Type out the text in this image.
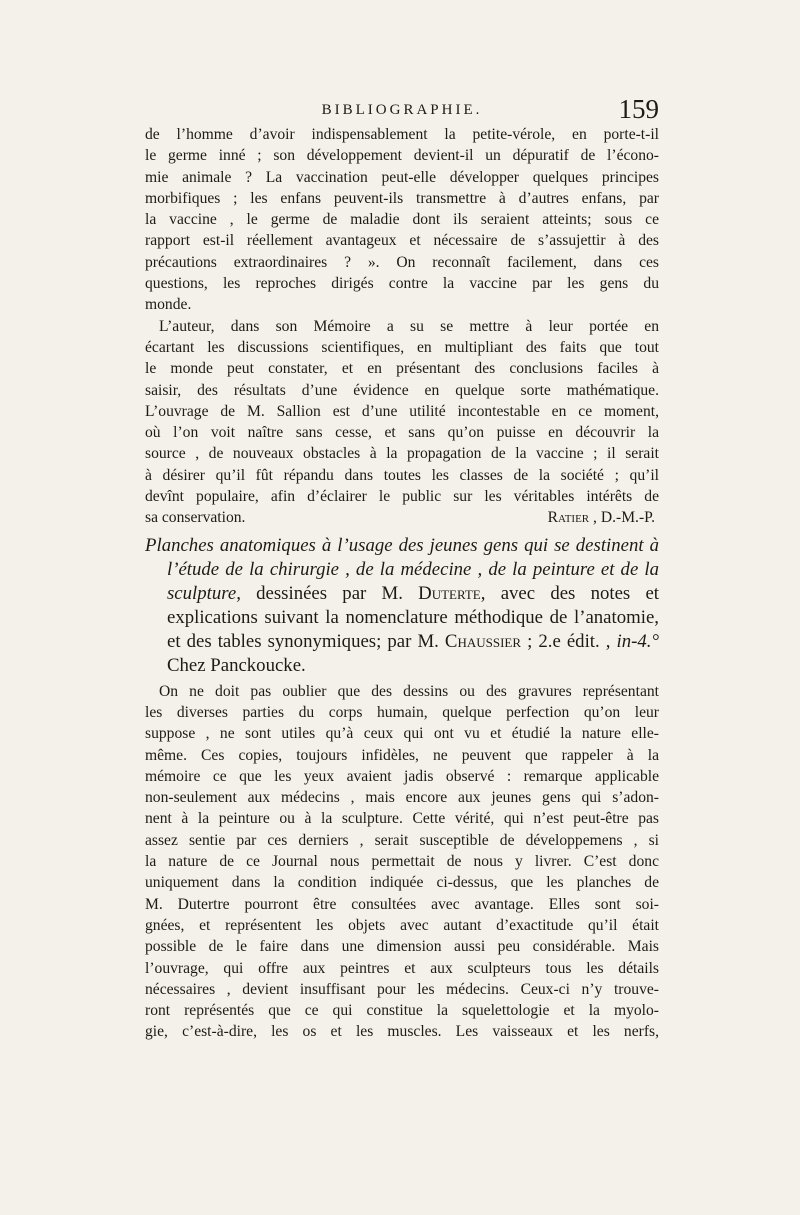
BIBLIOGRAPHIE.	159

de l’homme d’avoir indispensablement la petite-vérole, en porte-t-il

le germe inné ; son développement devient-il un dépuratif de l’écono-

mie animale ? La vaccination peut-elle développer quelques principes

morbifiques ; les enfans peuvent-ils transmettre à d’autres enfans, par

la vaccine , le germe de maladie dont ils seraient atteints; sous ce

rapport est-il réellement avantageux et nécessaire de s’assujettir à des

précautions extraordinaires ? ». On reconnaît facilement, dans ces

questions, les reproches dirigés contre la vaccine par les gens du

monde.

L’auteur, dans son Mémoire a su se mettre à leur portée en

écartant les discussions scientifiques, en multipliant des faits que tout

le monde peut constater, et en présentant des conclusions faciles à

saisir, des résultats d’une évidence en quelque sorte mathématique.

L’ouvrage de M. Sallion est d’une utilité incontestable en ce moment,

où l’on voit naître sans cesse, et sans qu’on puisse en découvrir la

source , de nouveaux obstacles à la propagation de la vaccine ; il serait

à désirer qu’il fût répandu dans toutes les classes de la société ; qu’il

devînt populaire, afin d’éclairer le public sur les véritables intérêts de

sa conservation.	Ratier , D.-M.-P.
Planches anatomiques à l’usage des jeunes gens qui se destinent à l’étude de la chirurgie , de la médecine , de la peinture et de la sculpture, dessinées par M. Duterte, avec des notes et explications suivant la nomenclature méthodique de l’anatomie, et des tables synonymiques; par M. Chaussier ; 2.e édit. , in-4.° Chez Panckoucke.

On ne doit pas oublier que des dessins ou des gravures représentant

les diverses parties du corps humain, quelque perfection qu’on leur

suppose , ne sont utiles qu’à ceux qui ont vu et étudié la nature elle-

même. Ces copies, toujours infidèles, ne peuvent que rappeler à la

mémoire ce que les yeux avaient jadis observé : remarque applicable

non-seulement aux médecins , mais encore aux jeunes gens qui s’adon-

nent à la peinture ou à la sculpture. Cette vérité, qui n’est peut-être pas

assez sentie par ces derniers , serait susceptible de développemens , si

la nature de ce Journal nous permettait de nous y livrer. C’est donc

uniquement dans la condition indiquée ci-dessus, que les planches de

M. Dutertre pourront être consultées avec avantage. Elles sont soi-

gnées, et représentent les objets avec autant d’exactitude qu’il était

possible de le faire dans une dimension aussi peu considérable. Mais

l’ouvrage, qui offre aux peintres et aux sculpteurs tous les détails

nécessaires , devient insuffisant pour les médecins. Ceux-ci n’y trouve-

ront représentés que ce qui constitue la squelettologie et la myolo-

gie, c’est-à-dire, les os et les muscles. Les vaisseaux et les nerfs,
